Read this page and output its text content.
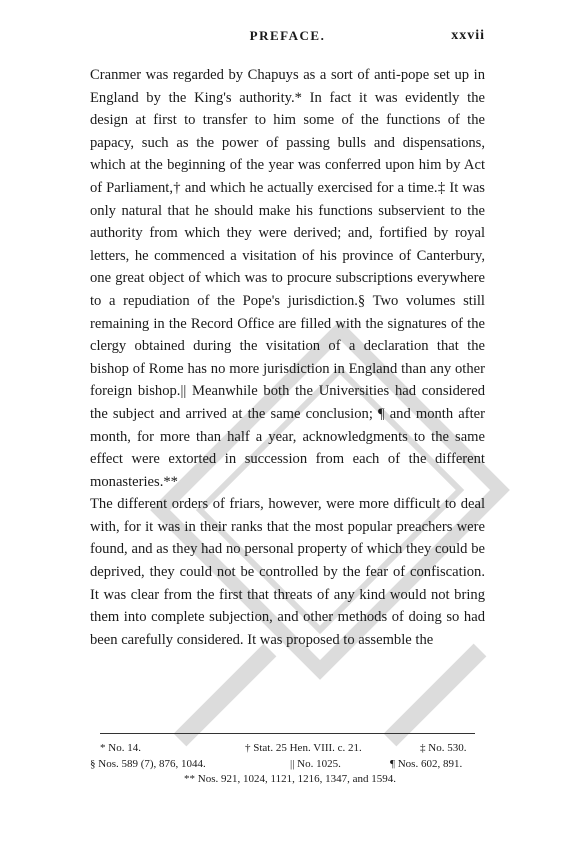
PREFACE.	xxvii

Cranmer was regarded by Chapuys as a sort of anti-pope set up in England by the King's authority.* In fact it was evidently the design at first to transfer to him some of the functions of the papacy, such as the power of passing bulls and dispensations, which at the beginning of the year was conferred upon him by Act of Parliament,† and which he actually exercised for a time.‡ It was only natural that he should make his functions subservient to the authority from which they were derived; and, fortified by royal letters, he commenced a visitation of his province of Canterbury, one great object of which was to procure subscriptions everywhere to a repudiation of the Pope's jurisdiction.§ Two volumes still remaining in the Record Office are filled with the signatures of the clergy obtained during the visitation of a declaration that the bishop of Rome has no more jurisdiction in England than any other foreign bishop.|| Meanwhile both the Universities had considered the subject and arrived at the same conclusion; ¶ and month after month, for more than half a year, acknowledgments to the same effect were extorted in succession from each of the different monasteries.**

The different orders of friars, however, were more difficult to deal with, for it was in their ranks that the most popular preachers were found, and as they had no personal property of which they could be deprived, they could not be controlled by the fear of confiscation. It was clear from the first that threats of any kind would not bring them into complete subjection, and other methods of doing so had been carefully considered. It was proposed to assemble the

* No. 14.	† Stat. 25 Hen. VIII. c. 21.	‡ No. 530.
§ Nos. 589 (7), 876, 1044.	|| No. 1025.	¶ Nos. 602, 891.
** Nos. 921, 1024, 1121, 1216, 1347, and 1594.
